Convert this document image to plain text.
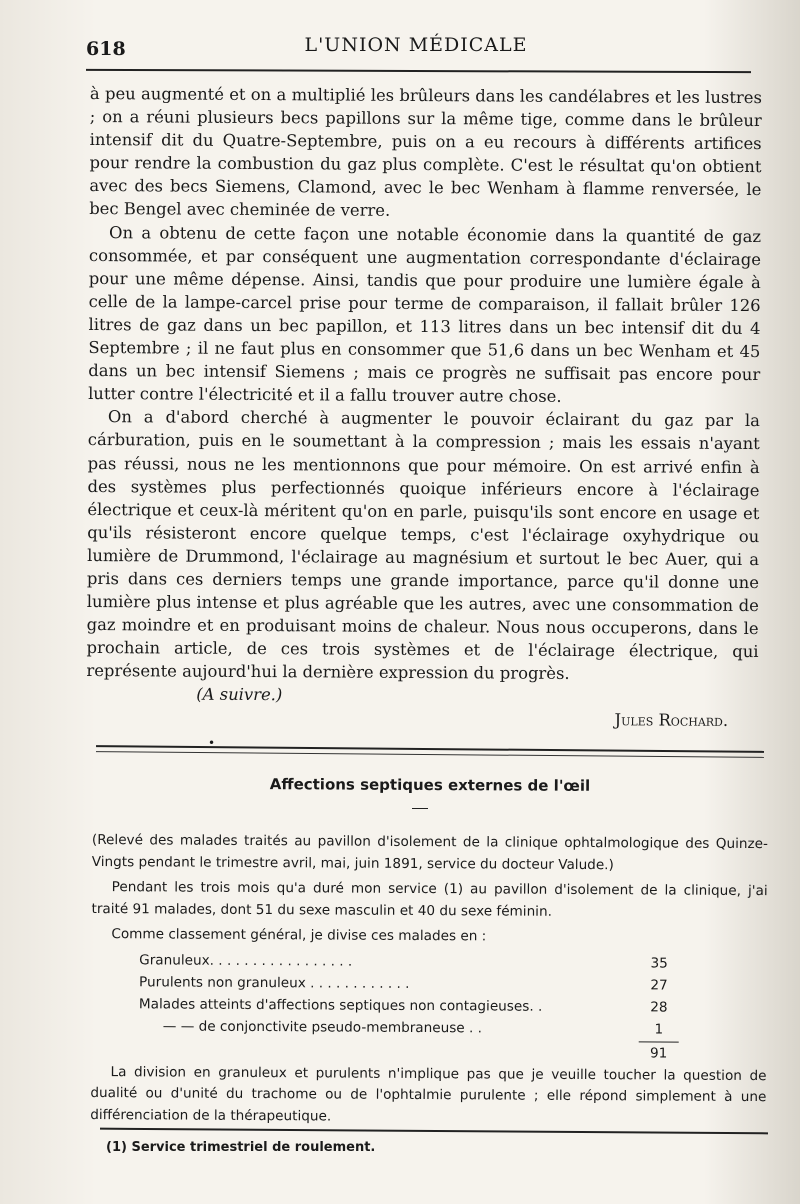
618	L'UNION MÉDICALE

à peu augmenté et on a multiplié les brûleurs dans les candélabres et les lustres ; on a réuni plusieurs becs papillons sur la même tige, comme dans le brûleur intensif dit du Quatre-Septembre, puis on a eu recours à différents artifices pour rendre la combustion du gaz plus complète. C'est le résultat qu'on obtient avec des becs Siemens, Clamond, avec le bec Wenham à flamme renversée, le bec Bengel avec cheminée de verre.

On a obtenu de cette façon une notable économie dans la quantité de gaz consommée, et par conséquent une augmentation correspondante d'éclairage pour une même dépense. Ainsi, tandis que pour produire une lumière égale à celle de la lampe-carcel prise pour terme de comparaison, il fallait brûler 126 litres de gaz dans un bec papillon, et 113 litres dans un bec intensif dit du 4 Septembre ; il ne faut plus en consommer que 51,6 dans un bec Wenham et 45 dans un bec intensif Siemens ; mais ce progrès ne suffisait pas encore pour lutter contre l'électricité et il a fallu trouver autre chose.

On a d'abord cherché à augmenter le pouvoir éclairant du gaz par la cárburation, puis en le soumettant à la compression ; mais les essais n'ayant pas réussi, nous ne les mentionnons que pour mémoire. On est arrivé enfin à des systèmes plus perfectionnés quoique inférieurs encore à l'éclairage électrique et ceux-là méritent qu'on en parle, puisqu'ils sont encore en usage et qu'ils résisteront encore quelque temps, c'est l'éclairage oxyhydrique ou lumière de Drummond, l'éclairage au magnésium et surtout le bec Auer, qui a pris dans ces derniers temps une grande importance, parce qu'il donne une lumière plus intense et plus agréable que les autres, avec une consommation de gaz moindre et en produisant moins de chaleur. Nous nous occuperons, dans le prochain article, de ces trois systèmes et de l'éclairage électrique, qui représente aujourd'hui la dernière expression du progrès.

(A suivre.)
Jules Rochard.
•
Affections septiques externes de l'œil

(Relevé des malades traités au pavillon d'isolement de la clinique ophtalmologique des Quinze-Vingts pendant le trimestre avril, mai, juin 1891, service du docteur Valude.)

Pendant les trois mois qu'a duré mon service (1) au pavillon d'isolement de la clinique, j'ai traité 91 malades, dont 51 du sexe masculin et 40 du sexe féminin.

Comme classement général, je divise ces malades en :

Granuleux. . . . . . . . . . . . . . . . .	35
Purulents non granuleux . . . . . . . . . . . .	27
Malades atteints d'affections septiques non contagieuses. .	28
— — de conjonctivite pseudo-membraneuse . .	1
91

La division en granuleux et purulents n'implique pas que je veuille toucher la question de dualité ou d'unité du trachome ou de l'ophtalmie purulente ; elle répond simplement à une différenciation de la thérapeutique.

(1) Service trimestriel de roulement.
